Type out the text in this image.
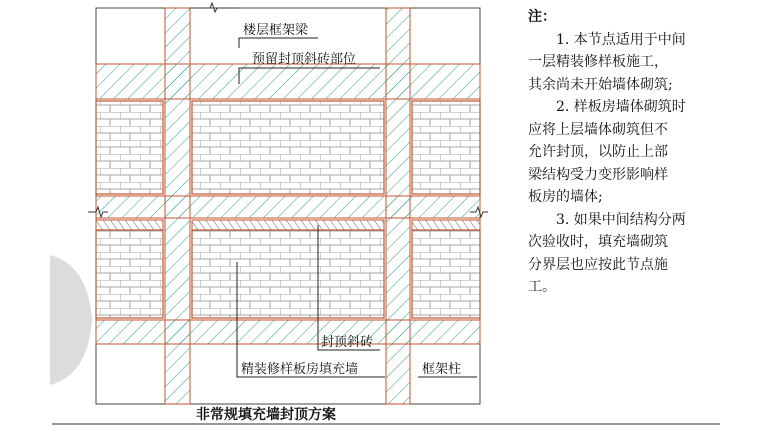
楼层框架梁
预留封顶斜砖部位
封顶斜砖
精装修样板房填充墙	框架柱
非常规填充墙封顶方案
注：
1. 本节点适用于中间
一层精装修样板施工，
其余尚未开始墙体砌筑;
2. 样板房墙体砌筑时
应将上层墙体砌筑但不
允许封顶，以防止上部
梁结构受力变形影响样
板房的墙体;
3. 如果中间结构分两
次验收时，填充墙砌筑
分界层也应按此节点施
工。
